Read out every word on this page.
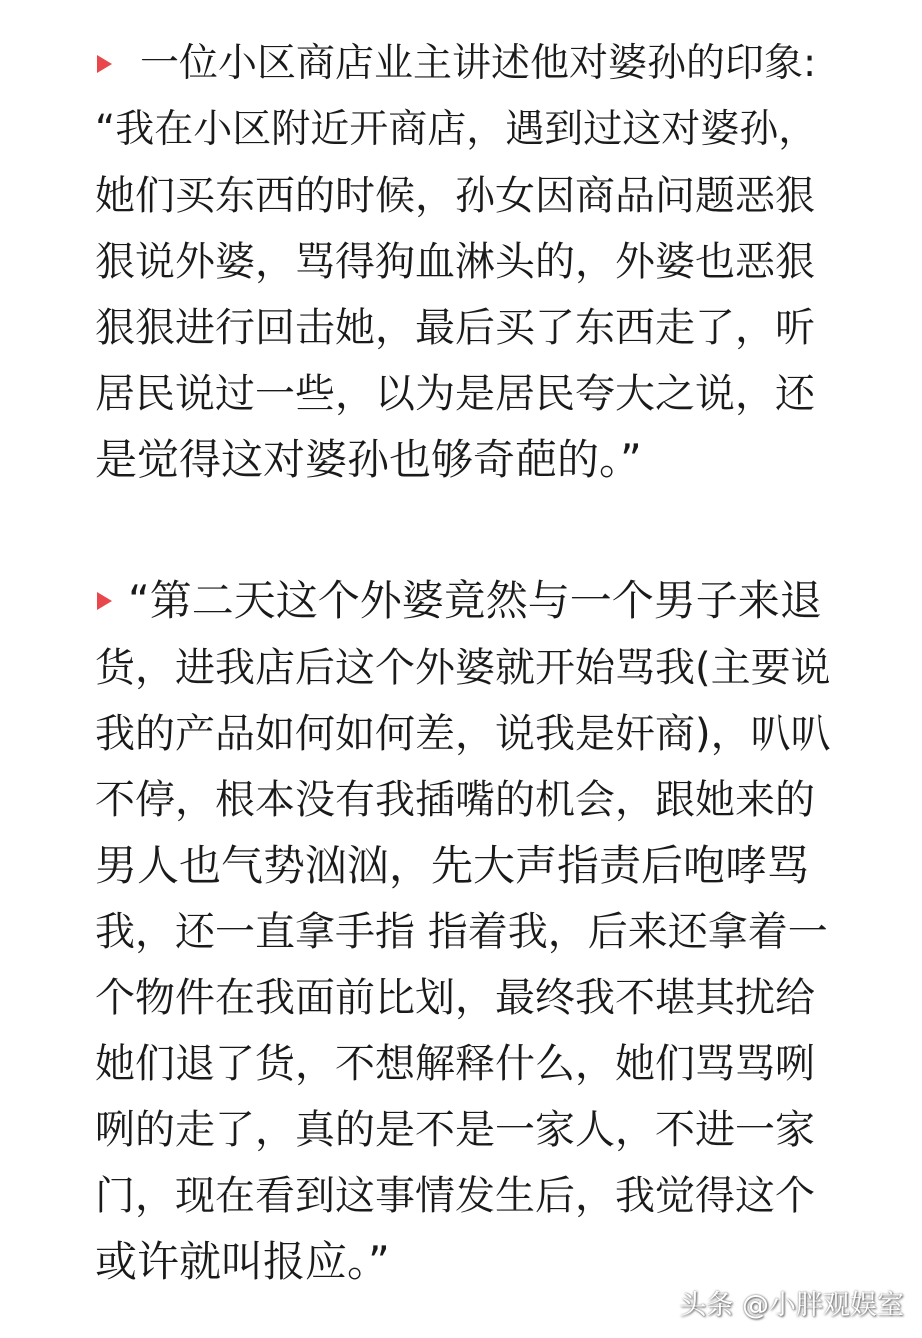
一位小区商店业主讲述他对婆孙的印象:
“我在小区附近开商店，遇到过这对婆孙，
她们买东西的时候，孙女因商品问题恶狠
狠说外婆，骂得狗血淋头的，外婆也恶狠
狠狠进行回击她，最后买了东西走了，听
居民说过一些，以为是居民夸大之说，还
是觉得这对婆孙也够奇葩的。”
“第二天这个外婆竟然与一个男子来退
货，进我店后这个外婆就开始骂我(主要说
我的产品如何如何差，说我是奸商)，叭叭
不停，根本没有我插嘴的机会，跟她来的
男人也气势汹汹，先大声指责后咆哮骂
我，还一直拿手指 指着我，后来还拿着一
个物件在我面前比划，最终我不堪其扰给
她们退了货，不想解释什么，她们骂骂咧
咧的走了，真的是不是一家人，不进一家
门，现在看到这事情发生后，我觉得这个
或许就叫报应。”
头条 @小胖观娱室
